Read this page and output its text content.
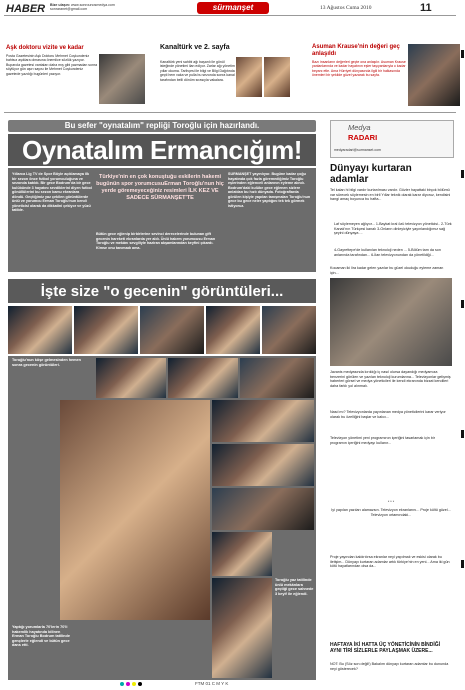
HABER Bize ulaşın: www.sonrounosmedya.com
sonraranet@gmail.com	sürmanşet	13 Ağustos Cuma 2010	11
Aşk doktoru vizite ve kadar
Posta Gazetesinin Aşk Doktoru Mehmet Coşkundeniz bahtsız aşıklara olmasına önemlice sözlük yazıyor. Buparola gazetesi vantaları daha mış gibi yazmadan sonra söylüyor gün aşırı sayısı ile Mehmet Coşkundeniz gazetede yazdığı bugünleri yazıyor.
Kanaltürk ve 2. sayfa
Kanaltürk yeni sahibi ağı başarılı ile gönül isteğinde yönetimi ilan ediyor. Zarlar ağı yönetim yıllar okuma. Tarihçesi ile bilgi ve Bilgi Dağıtında geçti hem vaka ve pulla bu sezonda sonra kanal tarafından belli dönüm sırasıyla vakalara.
Asuman Krause'nin değeri geç anlaşıldı
Bazı insanların değerleri geçte ona anlaşılır. Asuman Krause yanlanlarında ve kadar hayatının eşler taşıyanlarıyla o kadar beyanı etle. Ama Hürriyet dünyasında ilgili bir halkasında önemleri bir şekilde güzel yazarak bu sayfa.
Bu sefer "oynatalım" repliği Toroğlu için hazırlandı.
Oynatalım Ermancığım!
Yıllarca Lig TV de Spor Böyle açıklamaya ilk bir sezon önce futbol yorumculuğuna ve sezonda katıldı. Bir gece Bodrum'da bir gece kulübünde 3 hayatını sevdiklerini diyen futbol gönüllülerini bu sezon kamu ekranlara döndü. Geçtiğimiz yaz çekilen görüntülerde ünlü ve yorumcu Erman Toroğlu'nun kendi yöneticisi olarak da dikkatini çekiyor ve yüzü tatilde.
Türkiye'nin en çok konuştuğu eskilerin hakemi bugünün spor yorumcusuErman Toroğlu'nun hiç yerde göremeyeceğiniz resimleri İLK KEZ VE SADECE SÜRMANŞET'TE
Bütün gece eğlenip birbirlerine sevinci derecelerinde bulunan gift gecenin hareketi ekranlarda yer aldı. Ünlü hakem yorumcusu Erman Toroğlu ve mekânı sevgiliyle haziran akşamlarından keyfini çıkardı. Kimse onu tanımadı ama.
SÜRMANŞET yayınlıyor. Bugüne kadar çoğu hayatında çok fazla göremediğimiz Toroğlu eşlerinden eğlenceli anlarının eyleme alındı. Bodrum'daki kulübe gece eğlenen sizlere anlatılan bu hızlı dünyada. Fotoğraflarda görülen kişiyle yapılan tanışmaları Toroğlu'nun gece bu gece neler yaptığını tek tek görmek istiyoruz.
İşte size "o gecenin" görüntüleri...
Toroğlu'nun köşe gelmesinden hemen sonra gecenin görüntüleri.
Yaptığı yorumlarla 70'lerin 70'li hakemlik hayatında bilinen Erman Toroğlu Bodrum tatilinde gençlerle eğlendi ve bütün gece dans etti.
Toroğlu yaz tatilinde ünlü mekânlara geçtiği gece sahnede 3 keyif ile eğlendi.
Medya
RADARI
medyaradari@surmanset.com
Dünyayı kurtaran adamlar
Tel kalan hi bilgi vardır kurtarılması vardır. Gözler hayattaki birçok bölümü var sürecek söylemesin en birli Yıllar teknik olarak karar diyoruz, kendisini hangi amaç boyunca bu hafta...
Laf söylemeyen ağlıyor... 1-Baykat kral özü televizyon yöneticisi.. 2-Türk Kanalı'nın Türkçesi kanalı 3-Onların dinleyiciyle yayınlandığımız sağ şeyini dünyaya ...
4-Gayrettepe'de kullanılan teknoloji neden ... 5-Bölüm tam da son anlarında tarafından... 6-İlan televizyonundan da yönetildiği...
Kocaman iki lira kadar gelen yazılar bu güzel okuduğu eyleme zaman için...
Javanis medyasında kırıklığı iç nasıl olursa dayandığı medyamıza benzerini görülen ve yazılan teknoloji kurumlarına... Televizyonlar gelişmiş haberleri görsel ve medya yöneticileri ile kendi ekranında bizzat kendileri daha farklı yol alınmalı.
Nasıl mı? Televizyonlarda yayınlanan medya yöneticilerini karar veriyor olarak bu özelliğini başlar ve kalıcı...
Televizyon yönetimi yeni programının içeriğini tasarlamak için bir programın içeriğini medyayı kullanır...
* * *
İyi yapılan yazıları alamazsın. Televizyon ekranlarını... Proje kültü güzel... Televizyon ortamındaki...
Proje yayından kaldırılırsa ekranlar neyi yapılmalı ve eskisi olarak bu iletişim... Dünyayı kurtaran adamlar artık türkiye'nin en yeni... Ama iki gün kötü hayatlarından olsa da...
HAFTAYA İKİ HATTA ÜÇ YÖNETİCİNİN BİNDİĞİ AYNI TİRİ SİZLERLE PAYLAŞMAK ÜZERE...
NOT: Bu (Söz son değil!) Bakalım dünyayı kurtaran adamlar bu dununda neyi gösterecek?
FTM 01 C M Y K
